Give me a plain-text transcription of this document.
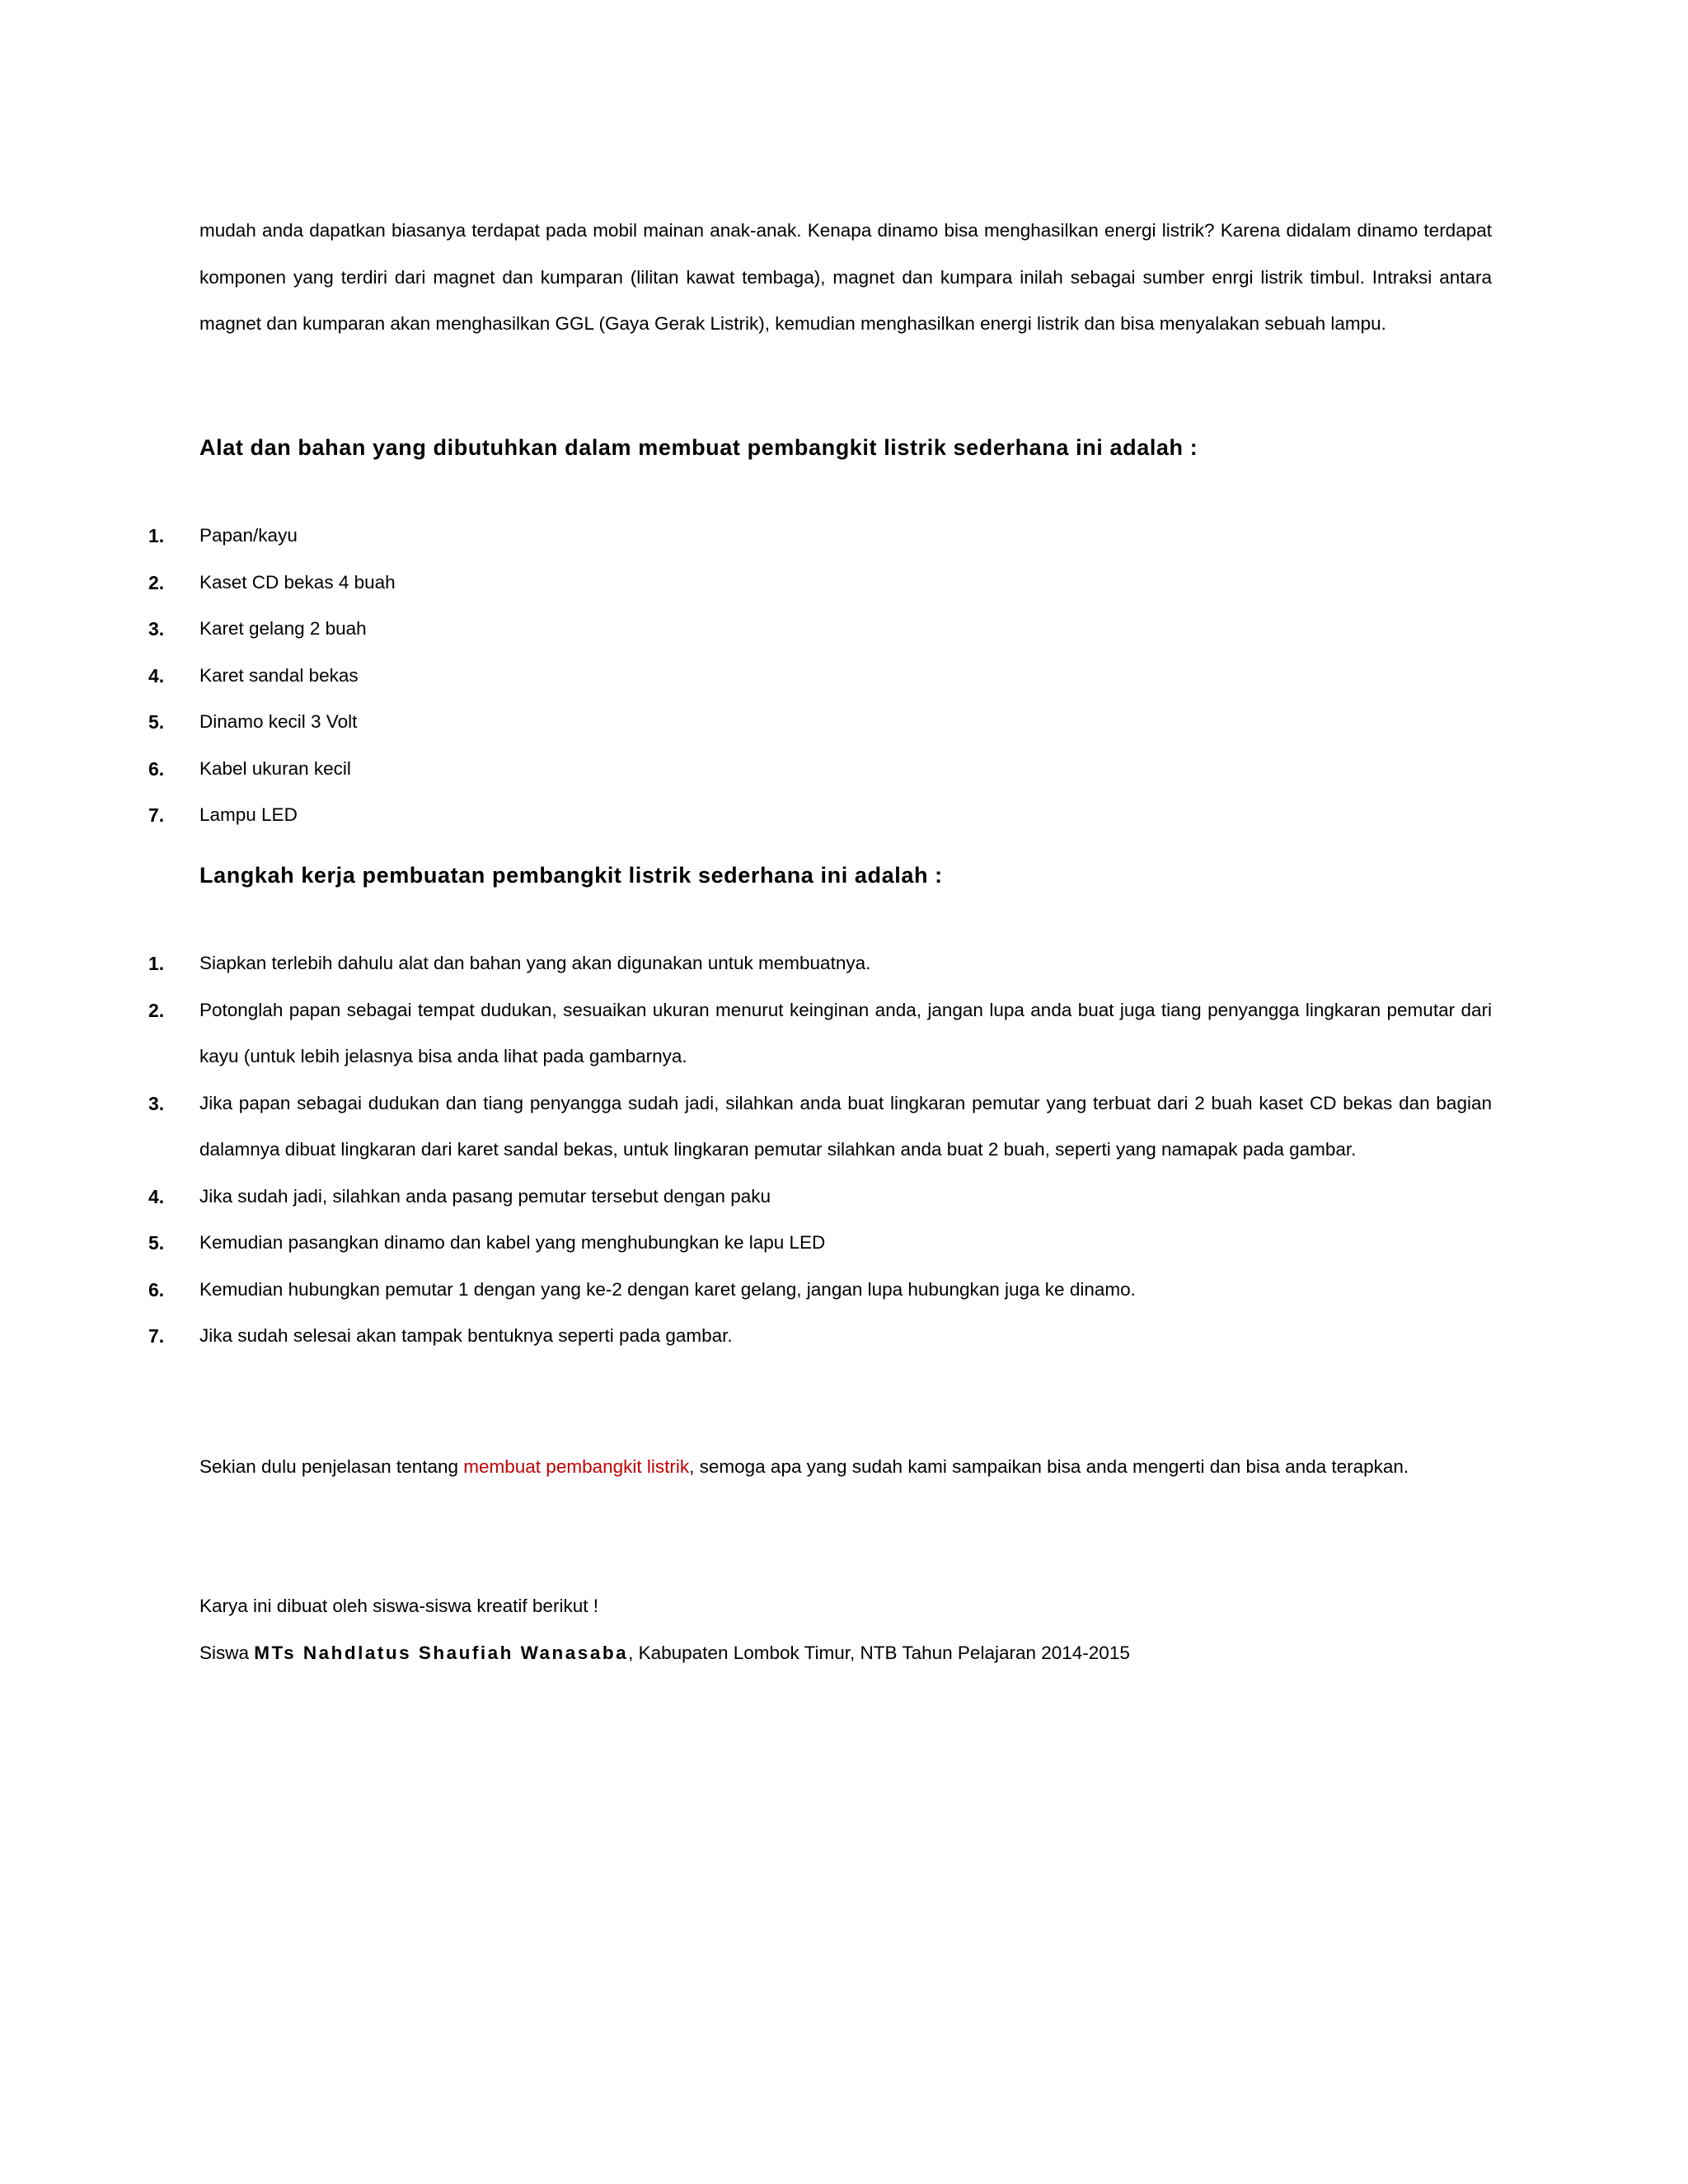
mudah anda dapatkan biasanya terdapat pada mobil mainan anak-anak. Kenapa dinamo bisa menghasilkan energi listrik? Karena didalam dinamo terdapat komponen yang terdiri dari magnet dan kumparan (lilitan kawat tembaga), magnet dan kumpara inilah sebagai sumber enrgi listrik timbul. Intraksi antara magnet dan kumparan akan menghasilkan GGL (Gaya Gerak Listrik), kemudian menghasilkan energi listrik dan bisa menyalakan sebuah lampu.

Alat dan bahan yang dibutuhkan dalam membuat pembangkit listrik sederhana ini adalah :

1. Papan/kayu
2. Kaset CD bekas 4 buah
3. Karet gelang 2 buah
4. Karet sandal bekas
5. Dinamo kecil 3 Volt
6. Kabel ukuran kecil
7. Lampu LED

Langkah kerja pembuatan pembangkit listrik sederhana ini adalah :

1. Siapkan terlebih dahulu alat dan bahan yang akan digunakan untuk membuatnya.
2. Potonglah papan sebagai tempat dudukan, sesuaikan ukuran menurut keinginan anda, jangan lupa anda buat juga tiang penyangga lingkaran pemutar dari kayu (untuk lebih jelasnya bisa anda lihat pada gambarnya.
3. Jika papan sebagai dudukan dan tiang penyangga sudah jadi, silahkan anda buat lingkaran pemutar yang terbuat dari 2 buah kaset CD bekas dan bagian dalamnya dibuat lingkaran dari karet sandal bekas, untuk lingkaran pemutar silahkan anda buat 2 buah, seperti yang namapak pada gambar.
4. Jika sudah jadi, silahkan anda pasang pemutar tersebut dengan paku
5. Kemudian pasangkan dinamo dan kabel yang menghubungkan ke lapu LED
6. Kemudian hubungkan pemutar 1 dengan yang ke-2 dengan karet gelang, jangan lupa hubungkan juga ke dinamo.
7. Jika sudah selesai akan tampak bentuknya seperti pada gambar.

Sekian dulu penjelasan tentang membuat pembangkit listrik, semoga apa yang sudah kami sampaikan bisa anda mengerti dan bisa anda terapkan.

Karya ini dibuat oleh siswa-siswa kreatif berikut !

Siswa MTs Nahdlatus Shaufiah Wanasaba, Kabupaten Lombok Timur, NTB Tahun Pelajaran 2014-2015
